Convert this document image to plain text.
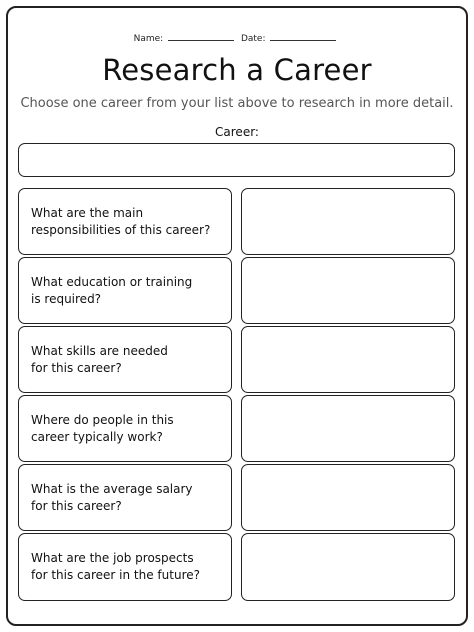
Name:	Date:
Research a Career
Choose one career from your list above to research in more detail.
Career:
What are the main
responsibilities of this career?
What education or training
is required?
What skills are needed
for this career?
Where do people in this
career typically work?
What is the average salary
for this career?
What are the job prospects
for this career in the future?
